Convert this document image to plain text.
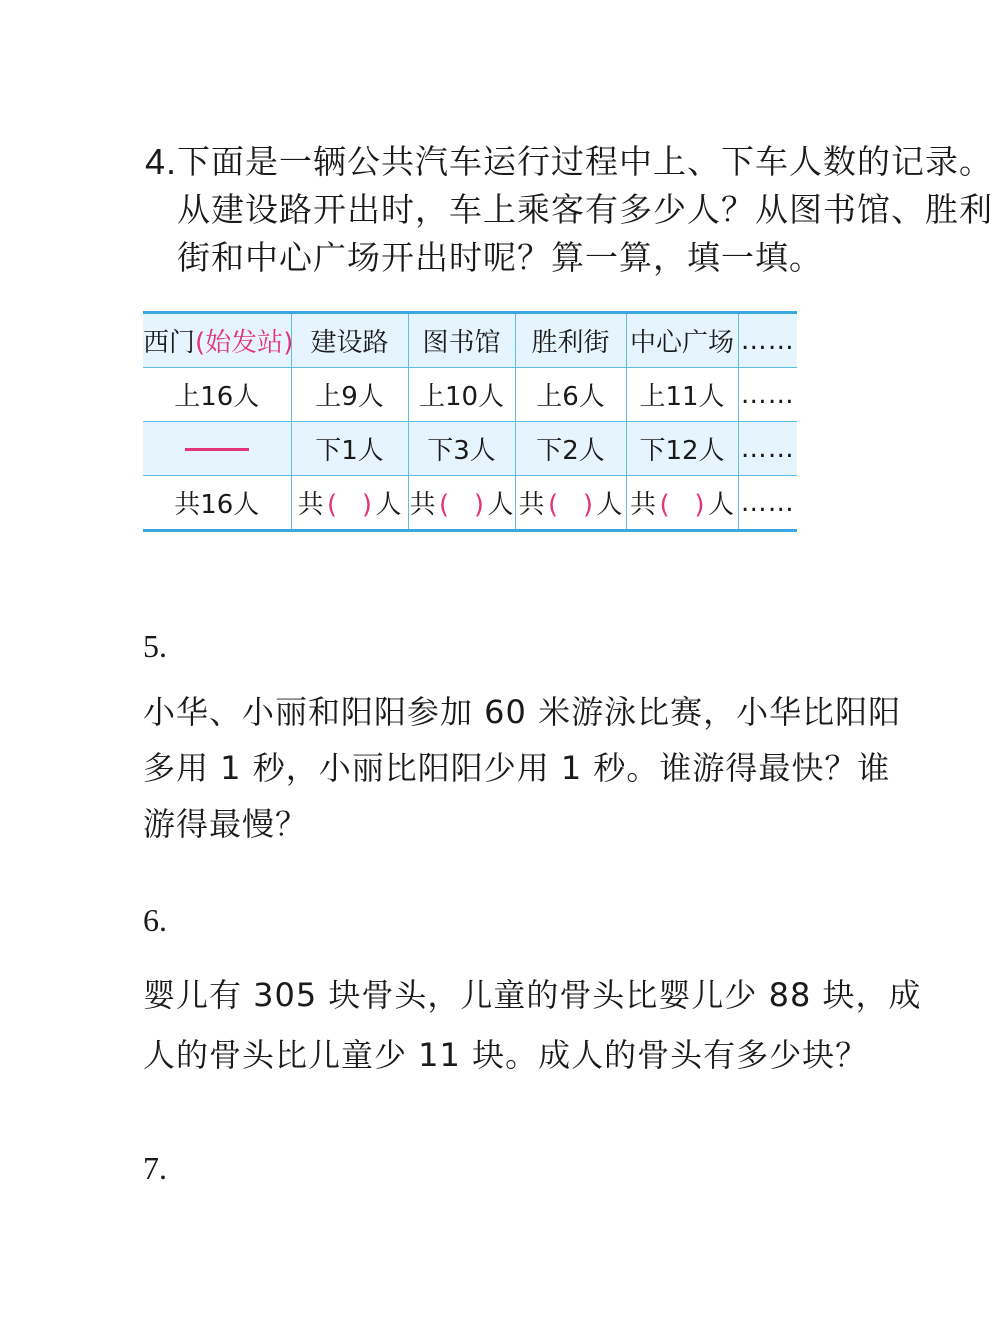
4. 下面是一辆公共汽车运行过程中上、下车人数的记录。
从建设路开出时，车上乘客有多少人？从图书馆、胜利
街和中心广场开出时呢？算一算，填一填。
西门(始发站)	建设路	图书馆	胜利街	中心广场	……
上16人	上9人	上10人	上6人	上11人	……
	下1人	下3人	下2人	下12人	……
共16人	共 ( ) 人	共 ( ) 人	共 ( ) 人	共 ( ) 人	……
5.
小华、小丽和阳阳参加 60 米游泳比赛，小华比阳阳
多用 1 秒，小丽比阳阳少用 1 秒。谁游得最快？谁
游得最慢？
6.
婴儿有 305 块骨头，儿童的骨头比婴儿少 88 块，成
人的骨头比儿童少 11 块。成人的骨头有多少块？
7.
